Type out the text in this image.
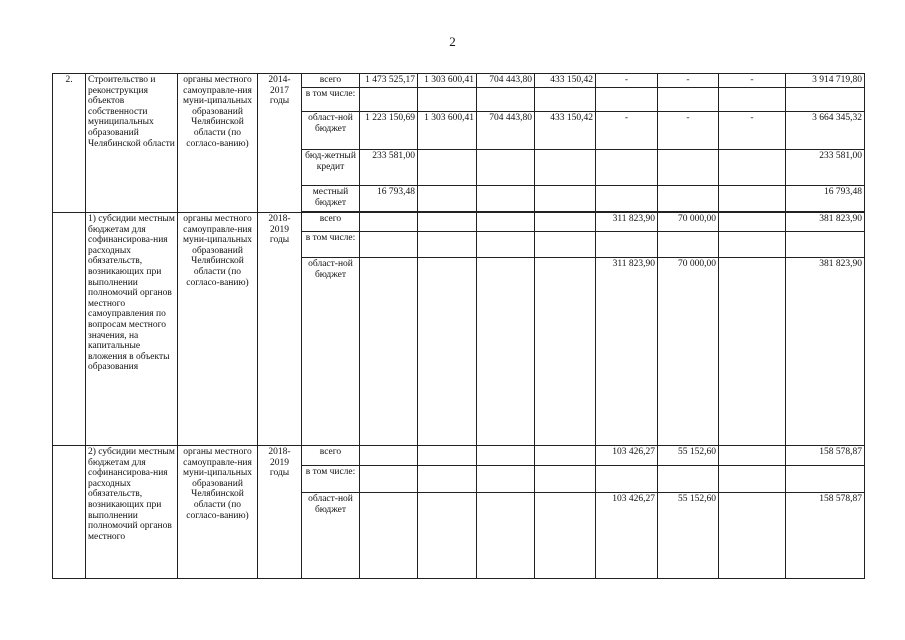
2
2.	Строительство и реконструкция объектов собственности муниципальных образований Челябинской области	органы местного самоуправле-ния муни-ципальных образований Челябинской области (по согласо-ванию)	2014-2017 годы	всего	1 473 525,17	1 303 600,41	704 443,80	433 150,42	-	-	-	3 914 719,80
				в том числе:								
				област-ной бюджет	1 223 150,69	1 303 600,41	704 443,80	433 150,42	-	-	-	3 664 345,32
				бюд-жетный кредит	233 581,00							233 581,00
				местный бюджет	16 793,48							16 793,48

	1) субсидии местным бюджетам для софинансирова-ния расходных обязательств, возникающих при выполнении полномочий органов местного самоуправления по вопросам местного значения, на капитальные вложения в объекты образования	органы местного самоуправле-ния муни-ципальных образований Челябинской области (по согласо-ванию)	2018-2019 годы	всего					311 823,90	70 000,00		381 823,90
				в том числе:								
				област-ной бюджет					311 823,90	70 000,00		381 823,90
	2) субсидии местным бюджетам для софинансирова-ния расходных обязательств, возникающих при выполнении полномочий органов местного	органы местного самоуправле-ния муни-ципальных образований Челябинской области (по согласо-ванию)	2018-2019 годы	всего					103 426,27	55 152,60		158 578,87
				в том числе:								
				област-ной бюджет					103 426,27	55 152,60		158 578,87
